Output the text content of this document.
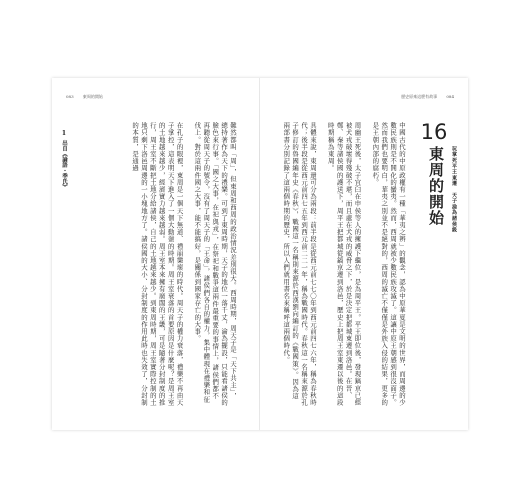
083 東周的開始
難然都叫「周」，但東周和西周的政治情況差別很大。西周時期，周天子是「天下共主」，總持著作為天下的禮樂。可到了東周時期，天子的地位一落千丈，淪為擺設，只能看諸侯的臉色來行事。「國之大事，在祀與戎」，在祭祀和戰爭這兩件最重要的事情上，諸侯們都不再聽從周天子的號令，沒有了周天子的「王命」，諸侯們各自的權力，集中體現在禮樂和征伐上。對於這兩件國之大事，能不能搞好，是關係到國家存亡的大事。

在孔子的眼裡，東周是一個天下無道、禮崩樂壞的時代。周天子的權力衰落，禮樂不再由天子掌控，這表明天下進入了一個大動盪的時期。周王室衰落的首要原因是什麼呢？是周王室的土地越來越少，經濟實力越來越弱。周王室本來擁有廣闊的王畿，可是隨著分封制度的推行，周王室不斷把土地分給諸侯，自己的土地越來越少。到東周時期，周王室實際控制的土地只剩下洛邑周邊的一小塊地方了。諸侯國的大小、分封制度的作用此時也失效了，分封制的本質，是通過
1 出自《論語・季氏》
歷史原來這麼有故事 084
16
東周的開始 玩掌死平王東遷　天子淪為諸侯級
中國古代的中原政權有一種「華夷之辨」的觀念，認為中原華夏是文明的世界，而周邊的少數民族則是不開化的蠻夷。然而，西周就被少數民族攻滅了。這讓中原王朝感到很沒面子。然而我們也要明白，華夷之別並不是絕對的，西周的滅亡不僅僅是外族入侵的結果，更多的是王朝內部的腐朽。

周幽王死後，太子宜臼在申侯等人的擁護下繼位，是為周平王。平王即位後，發現鎬京已經被犬戎破壞得殘破不堪，而且處在犬戎的威脅之下，於是決定把都城東遷到洛邑。在晉、鄭、秦等諸侯國的護送下，周平王把都城從鎬京遷到洛邑，歷史上把周王室東遷以後的這段時期稱為東周。

具體來說，東周還可分為兩段：前半段是從西元前七七〇年到西元前四七六年，稱為春秋時代；後半段是從西元前四七五年到西元前二二一年，稱為戰國時代。春秋這一名稱來源於孔子修訂的魯國編年史《春秋》，戰國這一名稱則來源於西漢劉向編訂的《戰國策》。因為這兩部書分別記錄了這兩個時期的歷史，所以人們就用書名來稱呼這兩個時代。
